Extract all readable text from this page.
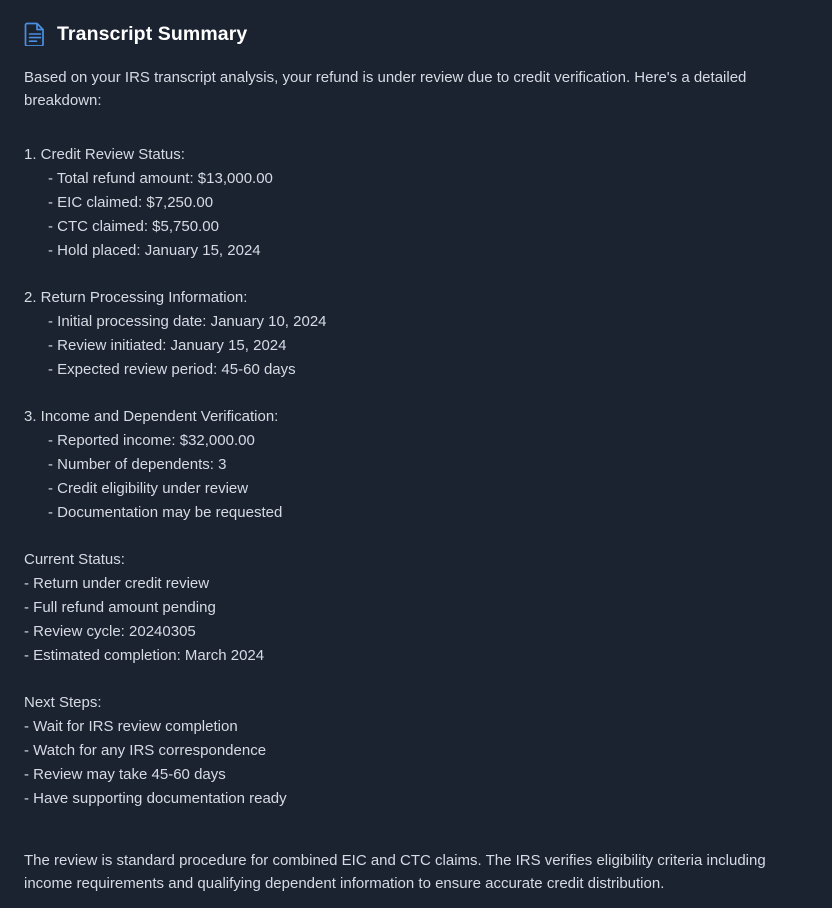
Transcript Summary

Based on your IRS transcript analysis, your refund is under review due to credit verification. Here's a detailed breakdown:

1. Credit Review Status:
- Total refund amount: $13,000.00
- EIC claimed: $7,250.00
- CTC claimed: $5,750.00
- Hold placed: January 15, 2024
2. Return Processing Information:
- Initial processing date: January 10, 2024
- Review initiated: January 15, 2024
- Expected review period: 45-60 days
3. Income and Dependent Verification:
- Reported income: $32,000.00
- Number of dependents: 3
- Credit eligibility under review
- Documentation may be requested
Current Status:
- Return under credit review
- Full refund amount pending
- Review cycle: 20240305
- Estimated completion: March 2024
Next Steps:
- Wait for IRS review completion
- Watch for any IRS correspondence
- Review may take 45-60 days
- Have supporting documentation ready

The review is standard procedure for combined EIC and CTC claims. The IRS verifies eligibility criteria including income requirements and qualifying dependent information to ensure accurate credit distribution.
